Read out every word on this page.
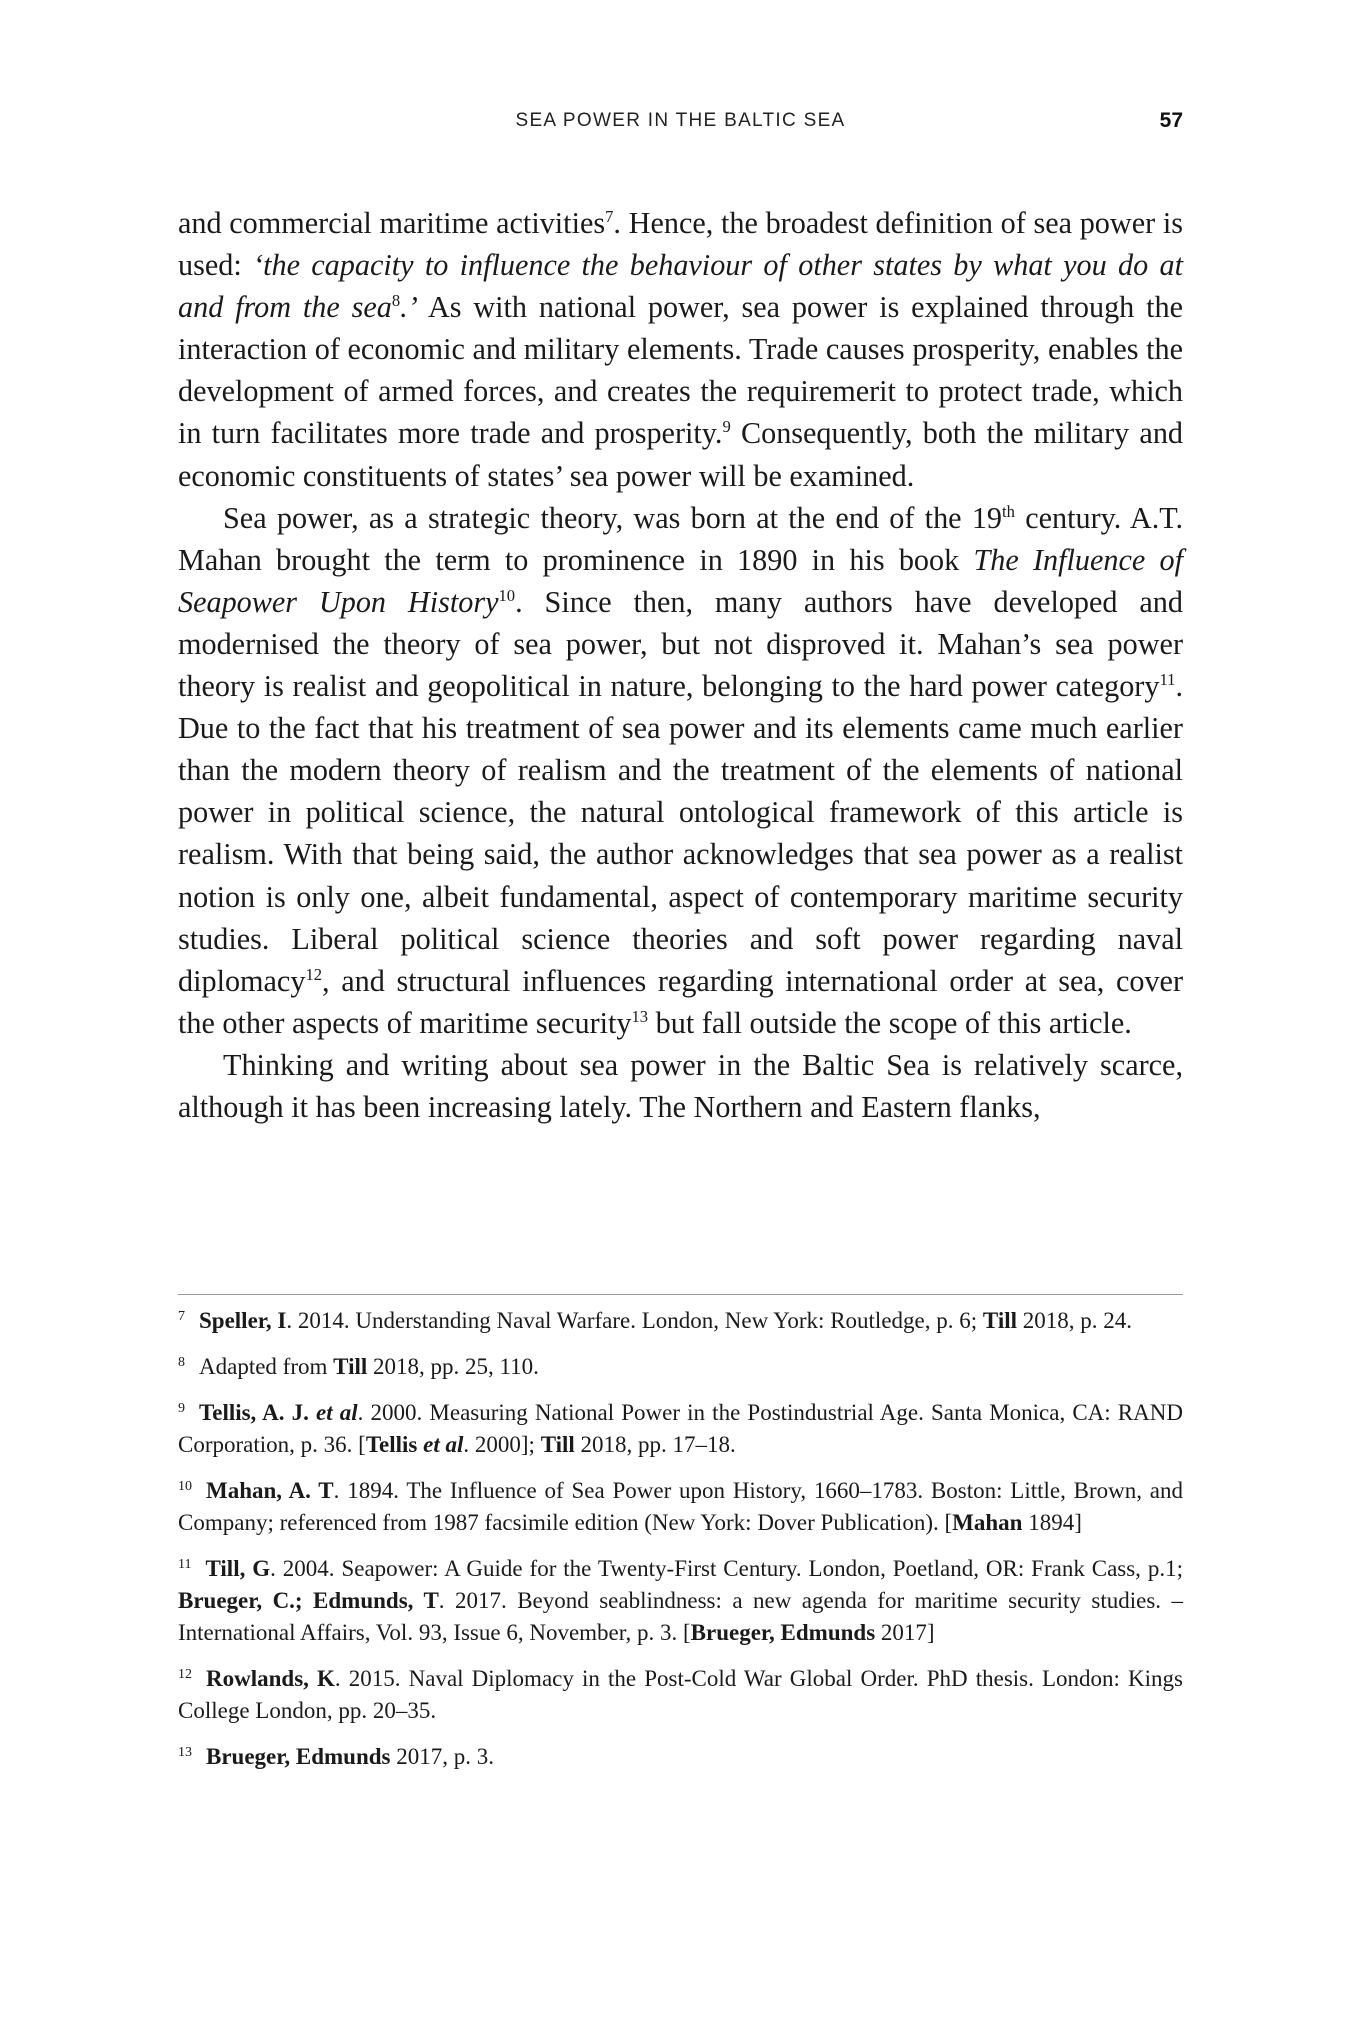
SEA POWER IN THE BALTIC SEA	57

and commercial maritime activities$^7$. Hence, the broadest definition of sea power is used: ‘the capacity to influence the behaviour of other states by what you do at and from the sea$^8$.’ As with national power, sea power is explained through the interaction of economic and military elements. Trade causes prosperity, enables the development of armed forces, and creates the requiremerit to protect trade, which in turn facilitates more trade and prosperity.$^9$ Consequently, both the military and economic constituents of states’ sea power will be examined.

Sea power, as a strategic theory, was born at the end of the 19th century. A.T. Mahan brought the term to prominence in 1890 in his book The Influence of Seapower Upon History$^{10}$. Since then, many authors have developed and modernised the theory of sea power, but not disproved it. Mahan’s sea power theory is realist and geopolitical in nature, belonging to the hard power category$^{11}$. Due to the fact that his treatment of sea power and its elements came much earlier than the modern theory of realism and the treatment of the elements of national power in political science, the natural ontological framework of this article is realism. With that being said, the author acknowledges that sea power as a realist notion is only one, albeit fundamental, aspect of contemporary maritime security studies. Liberal political science theories and soft power regarding naval diplomacy$^{12}$, and structural influences regarding international order at sea, cover the other aspects of maritime security$^{13}$ but fall outside the scope of this article.

Thinking and writing about sea power in the Baltic Sea is relatively scarce, although it has been increasing lately. The Northern and Eastern flanks,

$^7$ Speller, I. 2014. Understanding Naval Warfare. London, New York: Routledge, p. 6; Till 2018, p. 24.

$^8$ Adapted from Till 2018, pp. 25, 110.

$^9$ Tellis, A. J. et al. 2000. Measuring National Power in the Postindustrial Age. Santa Monica, CA: RAND Corporation, p. 36. [Tellis et al. 2000]; Till 2018, pp. 17–18.

$^{10}$ Mahan, A. T. 1894. The Influence of Sea Power upon History, 1660–1783. Boston: Little, Brown, and Company; referenced from 1987 facsimile edition (New York: Dover Publication). [Mahan 1894]

$^{11}$ Till, G. 2004. Seapower: A Guide for the Twenty-First Century. London, Poetland, OR: Frank Cass, p.1; Brueger, C.; Edmunds, T. 2017. Beyond seablindness: a new agenda for maritime security studies. – International Affairs, Vol. 93, Issue 6, November, p. 3. [Brueger, Edmunds 2017]

$^{12}$ Rowlands, K. 2015. Naval Diplomacy in the Post-Cold War Global Order. PhD thesis. London: Kings College London, pp. 20–35.

$^{13}$ Brueger, Edmunds 2017, p. 3.
